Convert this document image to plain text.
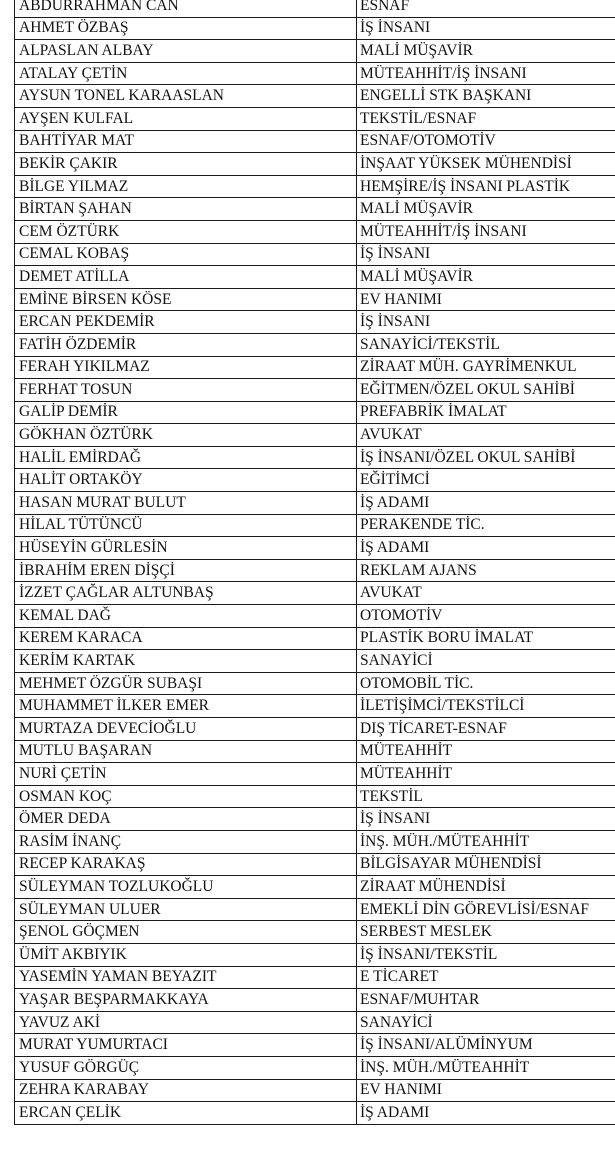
ABDURRAHMAN CAN	ESNAF
AHMET ÖZBAŞ	İŞ İNSANI
ALPASLAN ALBAY	MALİ MÜŞAVİR
ATALAY ÇETİN	MÜTEAHHİT/İŞ İNSANI
AYSUN TONEL KARAASLAN	ENGELLİ STK BAŞKANI
AYŞEN KULFAL	TEKSTİL/ESNAF
BAHTİYAR MAT	ESNAF/OTOMOTİV
BEKİR ÇAKIR	İNŞAAT YÜKSEK MÜHENDİSİ
BİLGE YILMAZ	HEMŞİRE/İŞ İNSANI PLASTİK
BİRTAN ŞAHAN	MALİ MÜŞAVİR
CEM ÖZTÜRK	MÜTEAHHİT/İŞ İNSANI
CEMAL KOBAŞ	İŞ İNSANI
DEMET ATİLLA	MALİ MÜŞAVİR
EMİNE BİRSEN KÖSE	EV HANIMI
ERCAN PEKDEMİR	İŞ İNSANI
FATİH ÖZDEMİR	SANAYİCİ/TEKSTİL
FERAH YIKILMAZ	ZİRAAT MÜH. GAYRİMENKUL
FERHAT TOSUN	EĞİTMEN/ÖZEL OKUL SAHİBİ
GALİP DEMİR	PREFABRİK İMALAT
GÖKHAN ÖZTÜRK	AVUKAT
HALİL EMİRDAĞ	İŞ İNSANI/ÖZEL OKUL SAHİBİ
HALİT ORTAKÖY	EĞİTİMCİ
HASAN MURAT BULUT	İŞ ADAMI
HİLAL TÜTÜNCÜ	PERAKENDE TİC.
HÜSEYİN GÜRLESİN	İŞ ADAMI
İBRAHİM EREN DİŞÇİ	REKLAM AJANS
İZZET ÇAĞLAR ALTUNBAŞ	AVUKAT
KEMAL DAĞ	OTOMOTİV
KEREM KARACA	PLASTİK BORU İMALAT
KERİM KARTAK	SANAYİCİ
MEHMET ÖZGÜR SUBAŞI	OTOMOBİL TİC.
MUHAMMET İLKER EMER	İLETİŞİMCİ/TEKSTİLCİ
MURTAZA DEVECİOĞLU	DIŞ TİCARET-ESNAF
MUTLU BAŞARAN	MÜTEAHHİT
NURİ ÇETİN	MÜTEAHHİT
OSMAN KOÇ	TEKSTİL
ÖMER DEDA	İŞ İNSANI
RASİM İNANÇ	İNŞ. MÜH./MÜTEAHHİT
RECEP KARAKAŞ	BİLGİSAYAR MÜHENDİSİ
SÜLEYMAN TOZLUKOĞLU	ZİRAAT MÜHENDİSİ
SÜLEYMAN ULUER	EMEKLİ DİN GÖREVLİSİ/ESNAF
ŞENOL GÖÇMEN	SERBEST MESLEK
ÜMİT AKBIYIK	İŞ İNSANI/TEKSTİL
YASEMİN YAMAN BEYAZIT	E TİCARET
YAŞAR BEŞPARMAKKAYA	ESNAF/MUHTAR
YAVUZ AKİ	SANAYİCİ
MURAT YUMURTACI	İŞ İNSANI/ALÜMİNYUM
YUSUF GÖRGÜÇ	İNŞ. MÜH./MÜTEAHHİT
ZEHRA KARABAY	EV HANIMI
ERCAN ÇELİK	İŞ ADAMI
